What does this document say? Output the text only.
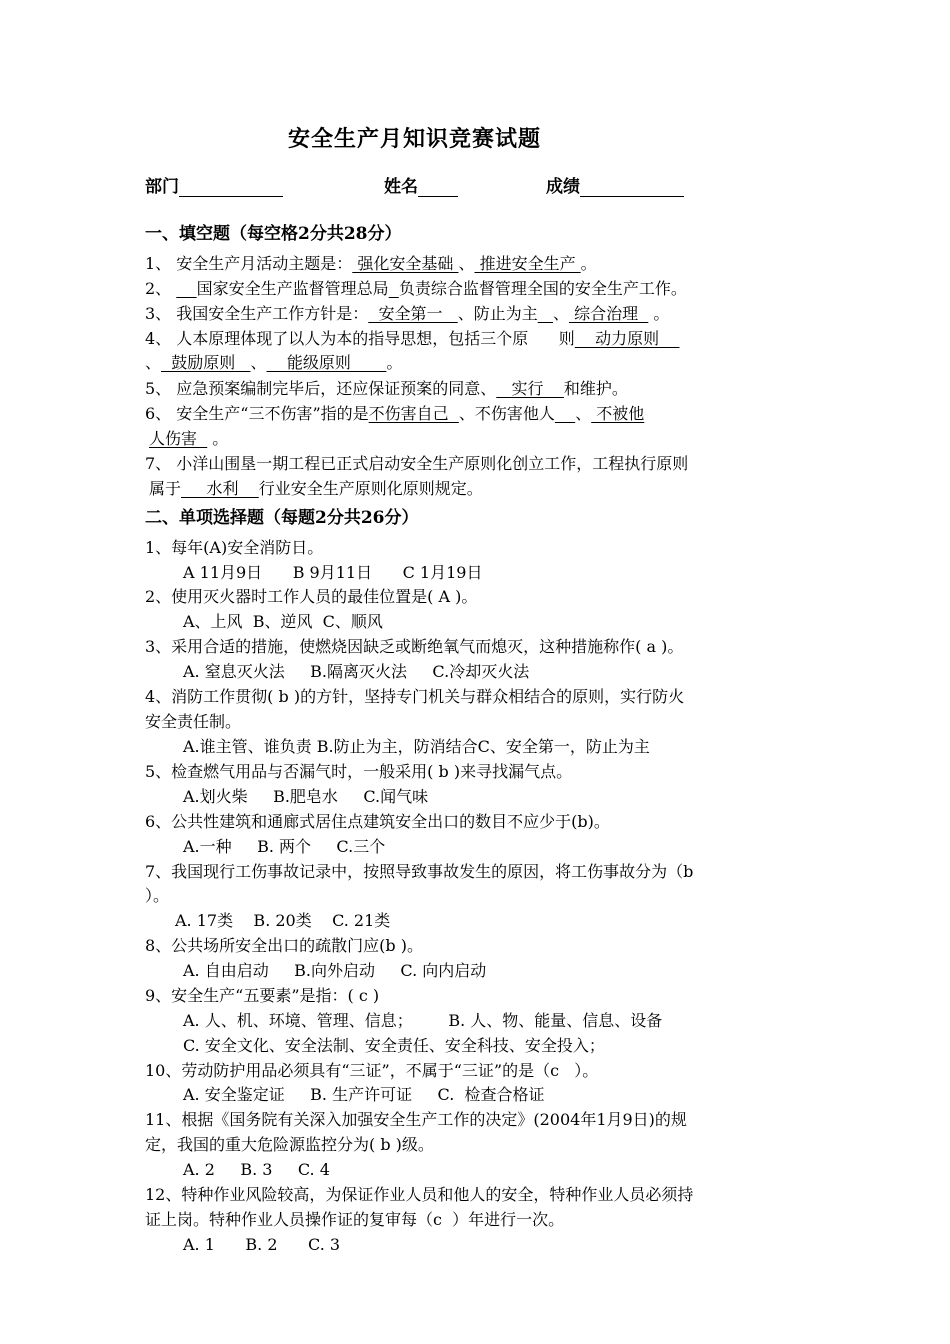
安全生产月知识竞赛试题
部门	姓名	成绩
一、填空题（每空格2分共28分）
1、 安全生产月活动主题是： 强化安全基础 、 推进安全生产 。
2、     国家安全生产监督管理总局 负责综合监督管理全国的安全生产工作。
3、 我国安全生产工作方针是：  安全第一   、防止为主 、 综合治理   。
4、 人本原理体现了以人为本的指导思想，包括三个原      则    动力原则
、  鼓励原则   、    能级原则       。
5、 应急预案编制完毕后，还应保证预案的同意、   实行    和维护。
6、 安全生产“三不伤害”指的是不伤害自己  、不伤害他人 、 不被他
人伤害   。
7、 小洋山围垦一期工程已正式启动安全生产原则化创立工作，工程执行原则
属于     水利    行业安全生产原则化原则规定。
二、单项选择题（每题2分共26分）
1、每年(A)安全消防日。
A 11月9日      B 9月11日      C 1月19日
2、使用灭火器时工作人员的最佳位置是( A )。
A、上风  B、逆风  C、顺风
3、采用合适的措施，使燃烧因缺乏或断绝氧气而熄灭，这种措施称作( a )。
A. 窒息灭火法     B.隔离灭火法     C.冷却灭火法
4、消防工作贯彻( b )的方针，坚持专门机关与群众相结合的原则，实行防火
安全责任制。
A.谁主管、谁负责 B.防止为主，防消结合C、安全第一，防止为主
5、检查燃气用品与否漏气时，一般采用( b )来寻找漏气点。
A.划火柴     B.肥皂水     C.闻气味
6、公共性建筑和通廊式居住点建筑安全出口的数目不应少于(b)。
A.一种     B. 两个     C.三个
7、我国现行工伤事故记录中，按照导致事故发生的原因，将工伤事故分为（b
）。
A. 17类    B. 20类    C. 21类
8、公共场所安全出口的疏散门应(b )。
A. 自由启动     B.向外启动     C. 向内启动
9、安全生产“五要素”是指：( c )
A. 人、机、环境、管理、信息；       B. 人、物、能量、信息、设备
C. 安全文化、安全法制、安全责任、安全科技、安全投入；
10、劳动防护用品必须具有“三证”，不属于“三证”的是（c   ）。
A. 安全鉴定证     B. 生产许可证     C.  检查合格证
11、根据《国务院有关深入加强安全生产工作的决定》(2004年1月9日)的规
定，我国的重大危险源监控分为( b )级。
A. 2     B. 3     C. 4
12、特种作业风险较高，为保证作业人员和他人的安全，特种作业人员必须持
证上岗。特种作业人员操作证的复审每（c  ）年进行一次。
A. 1      B. 2      C. 3
